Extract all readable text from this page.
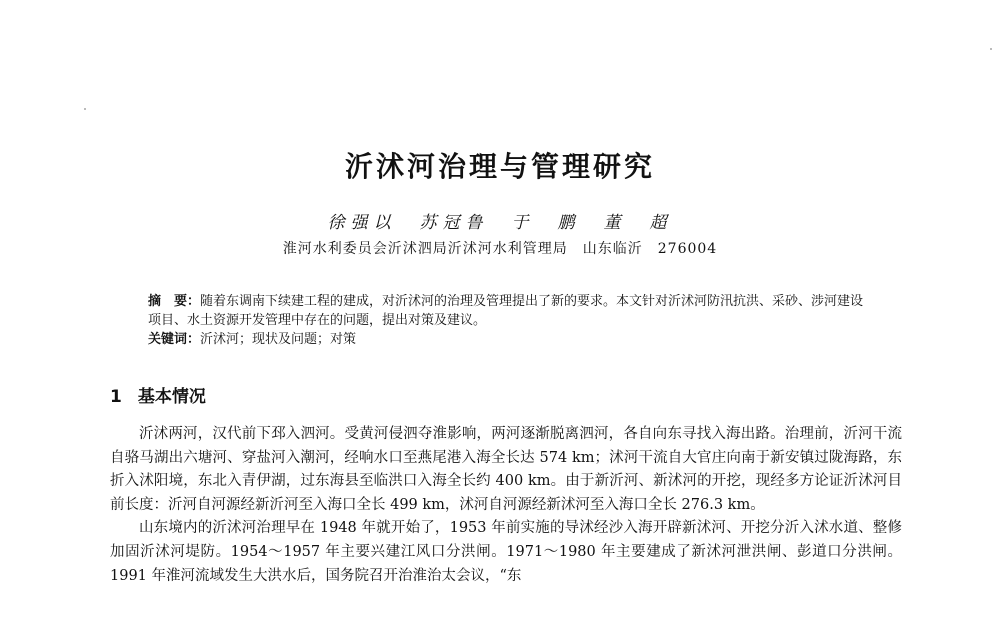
沂沭河治理与管理研究
徐强以　苏冠鲁　于　鹏　董　超
淮河水利委员会沂沭泗局沂沭河水利管理局　山东临沂　276004

摘　要：随着东调南下续建工程的建成，对沂沭河的治理及管理提出了新的要求。本文针对沂沭河防汛抗洪、采砂、涉河建设项目、水土资源开发管理中存在的问题，提出对策及建议。

关键词：沂沭河；现状及问题；对策

1 基本情况

沂沭两河，汉代前下邳入泗河。受黄河侵泗夺淮影响，两河逐渐脱离泗河，各自向东寻找入海出路。治理前，沂河干流自骆马湖出六塘河、穿盐河入潮河，经响水口至燕尾港入海全长达 574 km；沭河干流自大官庄向南于新安镇过陇海路，东折入沭阳境，东北入青伊湖，过东海县至临洪口入海全长约 400 km。由于新沂河、新沭河的开挖，现经多方论证沂沭河目前长度：沂河自河源经新沂河至入海口全长 499 km，沭河自河源经新沭河至入海口全长 276.3 km。

山东境内的沂沭河治理早在 1948 年就开始了，1953 年前实施的导沭经沙入海开辟新沭河、开挖分沂入沭水道、整修加固沂沭河堤防。1954～1957 年主要兴建江风口分洪闸。1971～1980 年主要建成了新沭河泄洪闸、彭道口分洪闸。1991 年淮河流域发生大洪水后，国务院召开治淮治太会议，“东
